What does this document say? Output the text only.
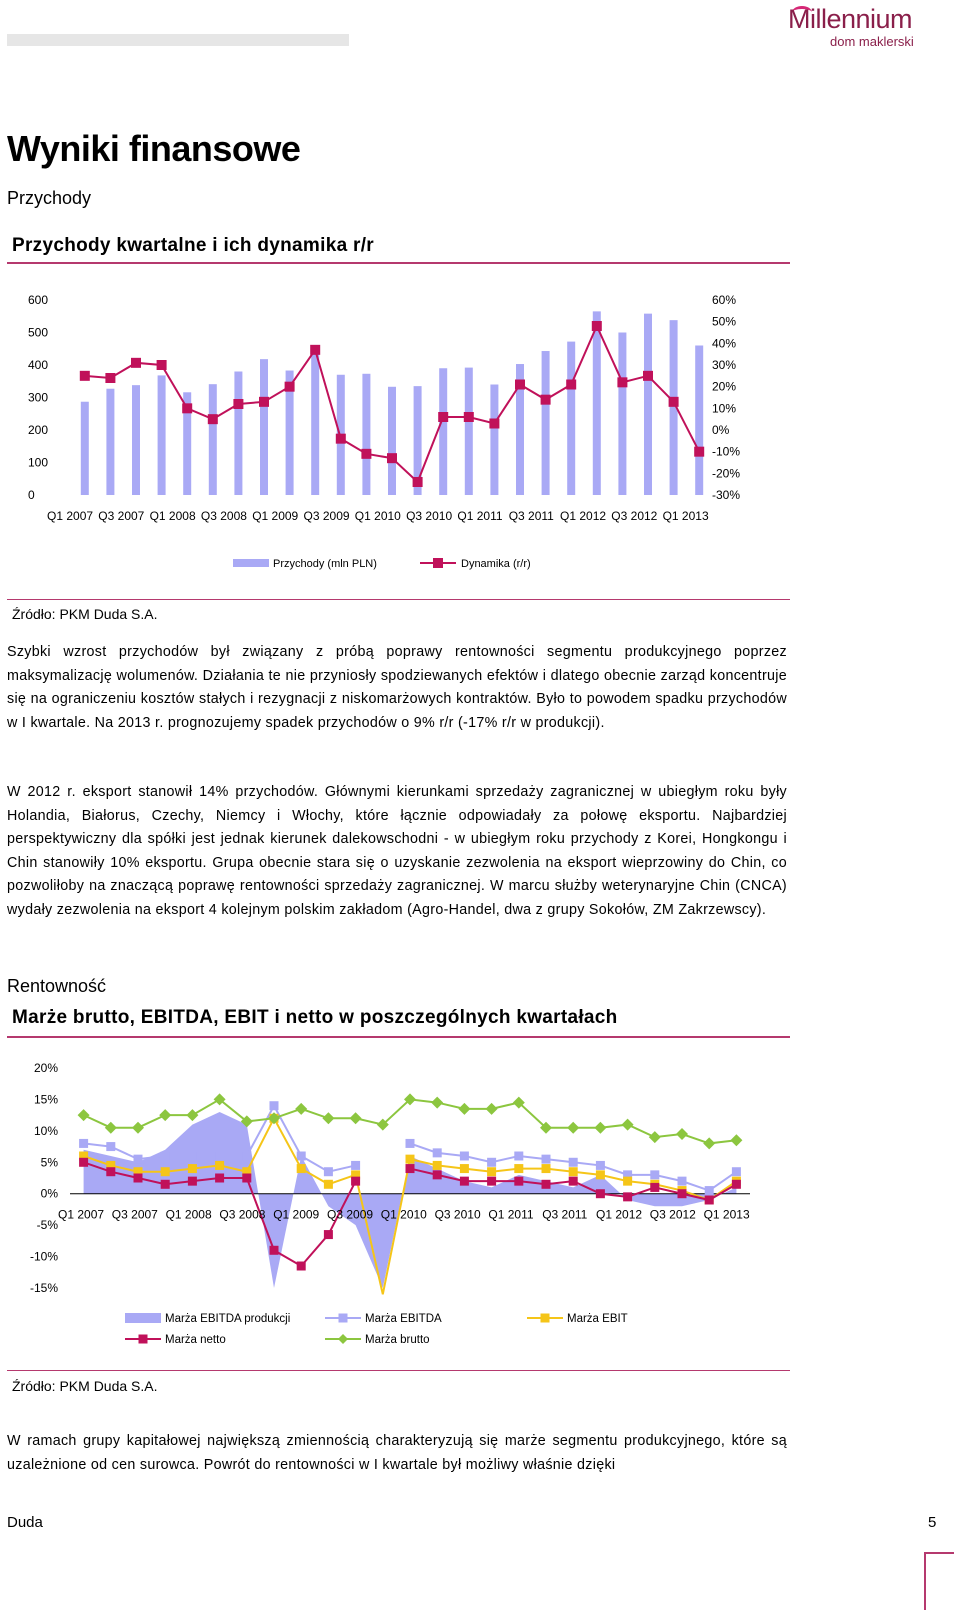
Millennium
dom maklerski
Wyniki finansowe
Przychody
Przychody kwartalne i ich dynamika r/r
600
500
400
300
200
100
0
60%
50%
40%
30%
20%
10%
0%
-10%
-20%
-30%
Q1 2007 Q3 2007 Q1 2008 Q3 2008 Q1 2009 Q3 2009 Q1 2010 Q3 2010 Q1 2011 Q3 2011 Q1 2012 Q3 2012 Q1 2013
Przychody (mln PLN)	Dynamika (r/r)
Źródło: PKM Duda S.A.
Szybki wzrost przychodów był związany z próbą poprawy rentowności segmentu produkcyjnego poprzez maksymalizację wolumenów. Działania te nie przyniosły spodziewanych efektów i dlatego obecnie zarząd koncentruje się na ograniczeniu kosztów stałych i rezygnacji z niskomarżowych kontraktów. Było to powodem spadku przychodów w I kwartale. Na 2013 r. prognozujemy spadek przychodów o 9% r/r (-17% r/r w produkcji).
W 2012 r. eksport stanowił 14% przychodów. Głównymi kierunkami sprzedaży zagranicznej w ubiegłym roku były Holandia, Białorus, Czechy, Niemcy i Włochy, które łącznie odpowiadały za połowę eksportu. Najbardziej perspektywiczny dla spółki jest jednak kierunek dalekowschodni - w ubiegłym roku przychody z Korei, Hongkongu i Chin stanowiły 10% eksportu. Grupa obecnie stara się o uzyskanie zezwolenia na eksport wieprzowiny do Chin, co pozwoliłoby na znaczącą poprawę rentowności sprzedaży zagranicznej. W marcu służby weterynaryjne Chin (CNCA) wydały zezwolenia na eksport 4 kolejnym polskim zakładom (Agro-Handel, dwa z grupy Sokołów, ZM Zakrzewscy).
Rentowność
Marże brutto, EBITDA, EBIT i netto w poszczególnych kwartałach
20%
15%
10%
5%
0%
-5%
-10%
-15%
Q1 2007 Q3 2007 Q1 2008 Q3 2008 Q1 2009 Q3 2009 Q1 2010 Q3 2010 Q1 2011 Q3 2011 Q1 2012 Q3 2012 Q1 2013
Marża EBITDA produkcji	Marża EBITDA	Marża EBIT
Marża netto	Marża brutto
Źródło: PKM Duda S.A.
W ramach grupy kapitałowej największą zmiennością charakteryzują się marże segmentu produkcyjnego, które są uzależnione od cen surowca. Powrót do rentowności w I kwartale był możliwy właśnie dzięki
Duda	5
